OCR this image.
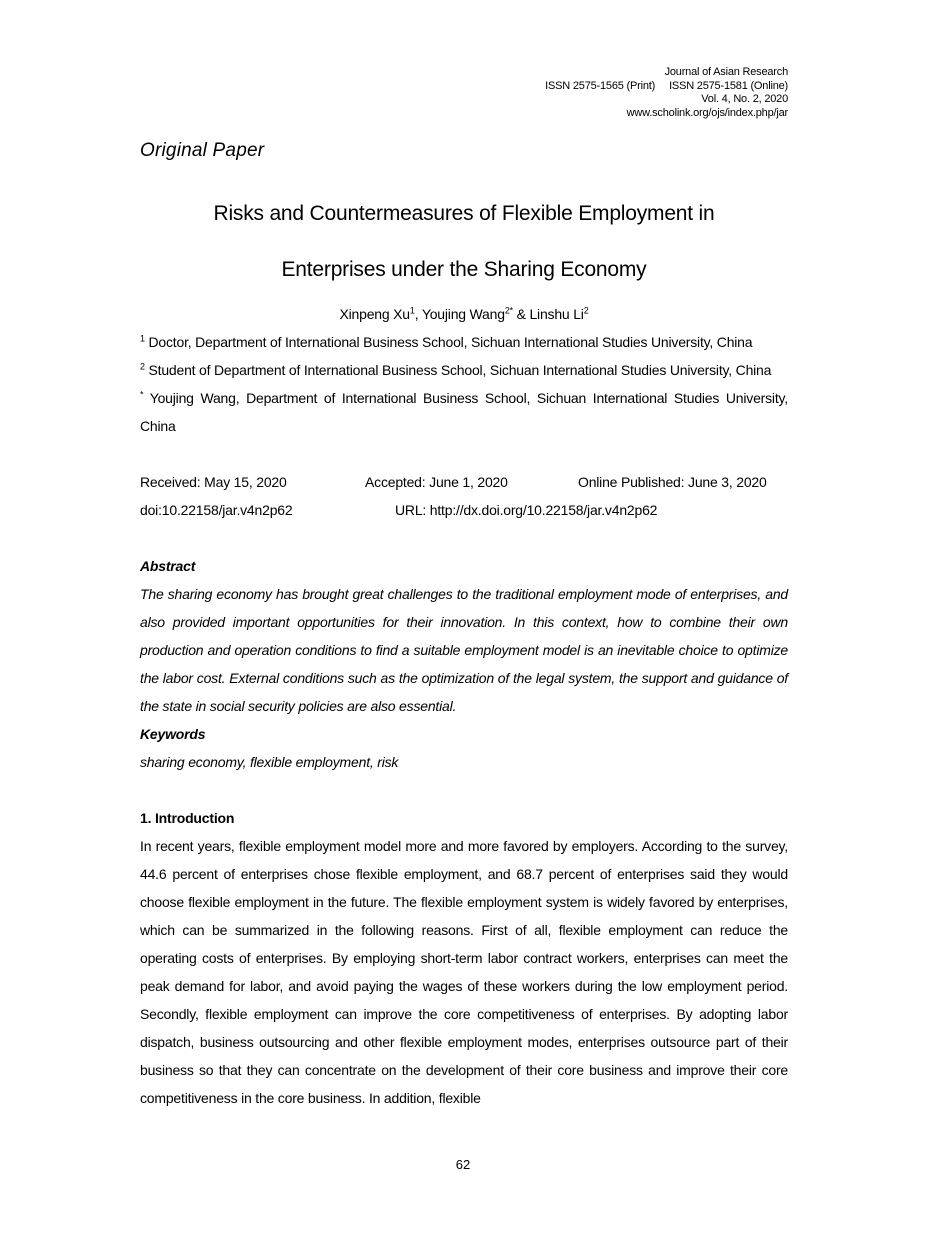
Journal of Asian Research
ISSN 2575-1565 (Print) ISSN 2575-1581 (Online)
Vol. 4, No. 2, 2020
www.scholink.org/ojs/index.php/jar
Original Paper
Risks and Countermeasures of Flexible Employment in
Enterprises under the Sharing Economy
Xinpeng Xu$^1$, Youjing Wang$^{2*}$ & Linshu Li$^2$

$^1$ Doctor, Department of International Business School, Sichuan International Studies University, China

$^2$ Student of Department of International Business School, Sichuan International Studies University, China

* Youjing Wang, Department of International Business School, Sichuan International Studies University, China

Received: May 15, 2020	Accepted: June 1, 2020	Online Published: June 3, 2020
doi:10.22158/jar.v4n2p62	URL: http://dx.doi.org/10.22158/jar.v4n2p62
Abstract

The sharing economy has brought great challenges to the traditional employment mode of enterprises, and also provided important opportunities for their innovation. In this context, how to combine their own production and operation conditions to find a suitable employment model is an inevitable choice to optimize the labor cost. External conditions such as the optimization of the legal system, the support and guidance of the state in social security policies are also essential.

Keywords

sharing economy, flexible employment, risk

1. Introduction

In recent years, flexible employment model more and more favored by employers. According to the survey, 44.6 percent of enterprises chose flexible employment, and 68.7 percent of enterprises said they would choose flexible employment in the future. The flexible employment system is widely favored by enterprises, which can be summarized in the following reasons. First of all, flexible employment can reduce the operating costs of enterprises. By employing short-term labor contract workers, enterprises can meet the peak demand for labor, and avoid paying the wages of these workers during the low employment period. Secondly, flexible employment can improve the core competitiveness of enterprises. By adopting labor dispatch, business outsourcing and other flexible employment modes, enterprises outsource part of their business so that they can concentrate on the development of their core business and improve their core competitiveness in the core business. In addition, flexible

62
